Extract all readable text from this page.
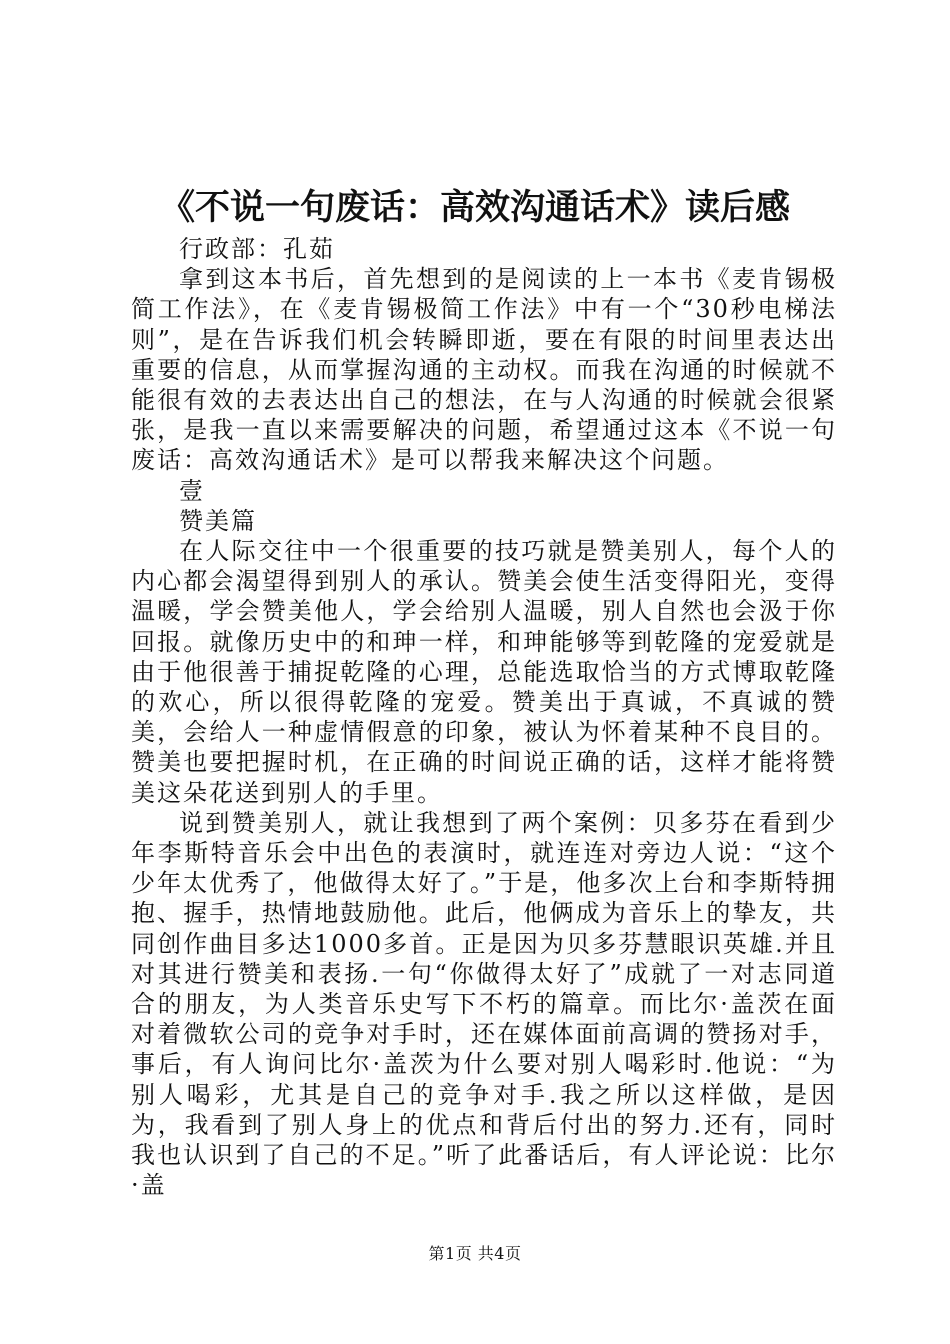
《不说一句废话：高效沟通话术》读后感

行政部：孔茹

拿到这本书后，首先想到的是阅读的上一本书《麦肯锡极简工作法》，在《麦肯锡极简工作法》中有一个“30秒电梯法则”，是在告诉我们机会转瞬即逝，要在有限的时间里表达出重要的信息，从而掌握沟通的主动权。而我在沟通的时候就不能很有效的去表达出自己的想法，在与人沟通的时候就会很紧张，是我一直以来需要解决的问题，希望通过这本《不说一句废话：高效沟通话术》是可以帮我来解决这个问题。

壹

赞美篇

在人际交往中一个很重要的技巧就是赞美别人，每个人的内心都会渴望得到别人的承认。赞美会使生活变得阳光，变得温暖，学会赞美他人，学会给别人温暖，别人自然也会汲于你回报。就像历史中的和珅一样，和珅能够等到乾隆的宠爱就是由于他很善于捕捉乾隆的心理，总能选取恰当的方式博取乾隆的欢心，所以很得乾隆的宠爱。赞美出于真诚，不真诚的赞美，会给人一种虚情假意的印象，被认为怀着某种不良目的。赞美也要把握时机，在正确的时间说正确的话，这样才能将赞美这朵花送到别人的手里。

说到赞美别人，就让我想到了两个案例：贝多芬在看到少年李斯特音乐会中出色的表演时，就连连对旁边人说：“这个少年太优秀了，他做得太好了。”于是，他多次上台和李斯特拥抱、握手，热情地鼓励他。此后，他俩成为音乐上的挚友，共同创作曲目多达1000多首。正是因为贝多芬慧眼识英雄.并且对其进行赞美和表扬.一句“你做得太好了”成就了一对志同道合的朋友，为人类音乐史写下不朽的篇章。而比尔·盖茨在面对着微软公司的竞争对手时，还在媒体面前高调的赞扬对手，事后，有人询问比尔·盖茨为什么要对别人喝彩时.他说：“为别人喝彩，尤其是自己的竞争对手.我之所以这样做，是因为，我看到了别人身上的优点和背后付出的努力.还有，同时我也认识到了自己的不足。”听了此番话后，有人评论说：比尔·盖

第1页 共4页
